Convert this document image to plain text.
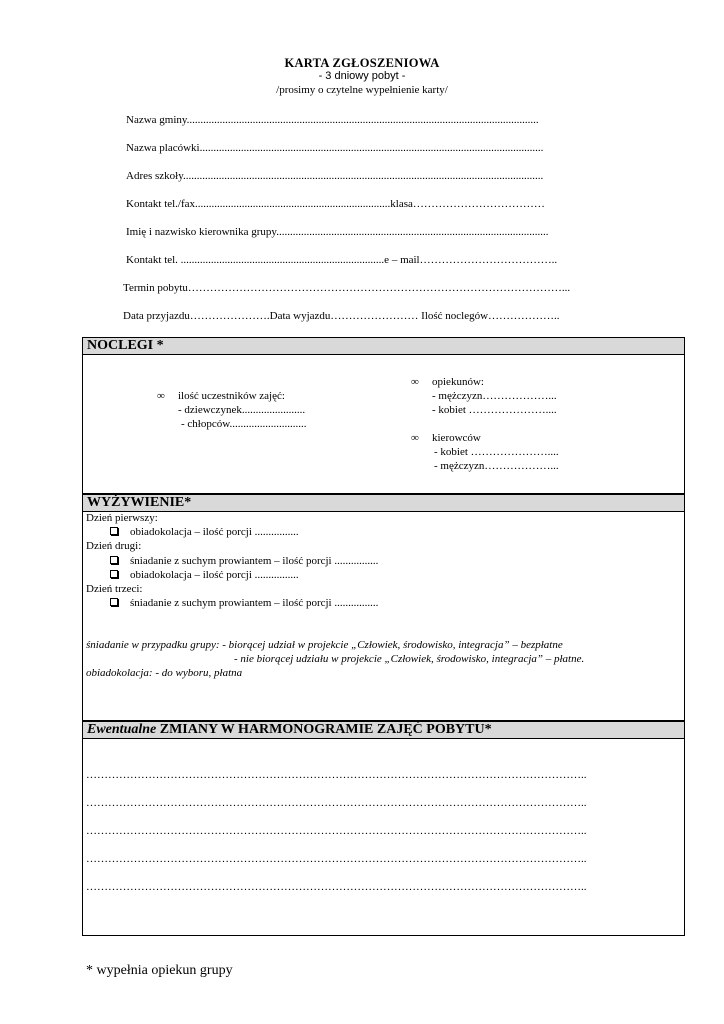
KARTA ZGŁOSZENIOWA
- 3 dniowy pobyt -
/prosimy o czytelne wypełnienie karty/
Nazwa gminy................................................................................................................................
Nazwa placówki.............................................................................................................................
Adres szkoły...................................................................................................................................
Kontakt tel./fax.......................................................................klasa………………………………
Imię i nazwisko kierownika grupy...................................................................................................
Kontakt tel. ..........................................................................e – mail………………………………..
Termin pobytu…………………………………………………………………………………………...
Data przyjazdu………………….Data wyjazdu…………………… Ilość noclegów………………..
NOCLEGI *
∞ ilość uczestników zajęć:
- dziewczynek.......................
- chłopców............................
∞ opiekunów:
- mężczyzn………………...
- kobiet …………………....
∞ kierowców
- kobiet …………………....
- mężczyzn………………...
WYŻYWIENIE*
Dzień pierwszy:
obiadokolacja – ilość porcji ................
Dzień drugi:
śniadanie z suchym prowiantem – ilość porcji ................
obiadokolacja – ilość porcji ................
Dzień trzeci:
śniadanie z suchym prowiantem – ilość porcji ................
śniadanie w przypadku grupy: - biorącej udział w projekcie „Człowiek, środowisko, integracja” – bezpłatne
- nie biorącej udziału w projekcie „Człowiek, środowisko, integracja” – płatne.
obiadokolacja: - do wyboru, płatna
Ewentualne ZMIANY W HARMONOGRAMIE ZAJĘĆ POBYTU*
………………………………………………………………………………………………………………………..
………………………………………………………………………………………………………………………..
………………………………………………………………………………………………………………………..
………………………………………………………………………………………………………………………..
………………………………………………………………………………………………………………………..
* wypełnia opiekun grupy
